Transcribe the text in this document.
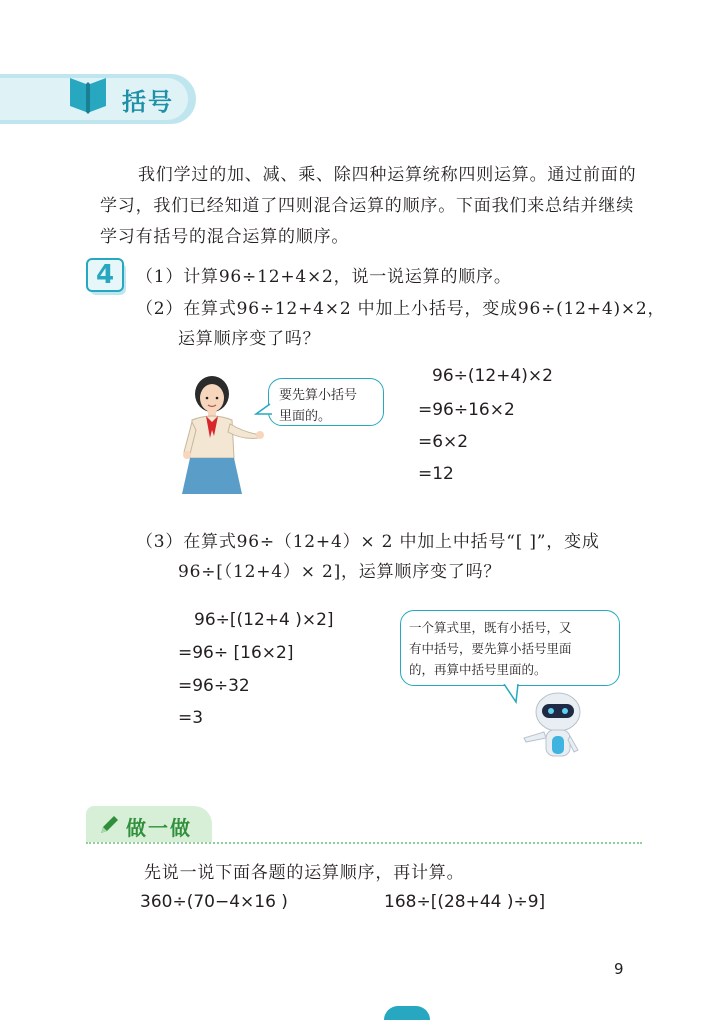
括号
我们学过的加、减、乘、除四种运算统称四则运算。通过前面的学习，我们已经知道了四则混合运算的顺序。下面我们来总结并继续学习有括号的混合运算的顺序。
4	（1）计算96÷12+4×2，说一说运算的顺序。
（2）在算式96÷12+4×2 中加上小括号，变成96÷(12+4)×2，
运算顺序变了吗？
要先算小括号
里面的。
96÷(12+4)×2
=96÷16×2
=6×2
=12
（3）在算式96÷（12+4）× 2 中加上中括号“[ ]”，变成
96÷[（12+4）× 2]，运算顺序变了吗？
96÷[(12+4 )×2]
=96÷ [16×2]
=96÷32
=3
一个算式里，既有小括号，又
有中括号，要先算小括号里面
的，再算中括号里面的。
做一做
先说一说下面各题的运算顺序，再计算。
360÷(70−4×16 )	168÷[(28+44 )÷9]
9
